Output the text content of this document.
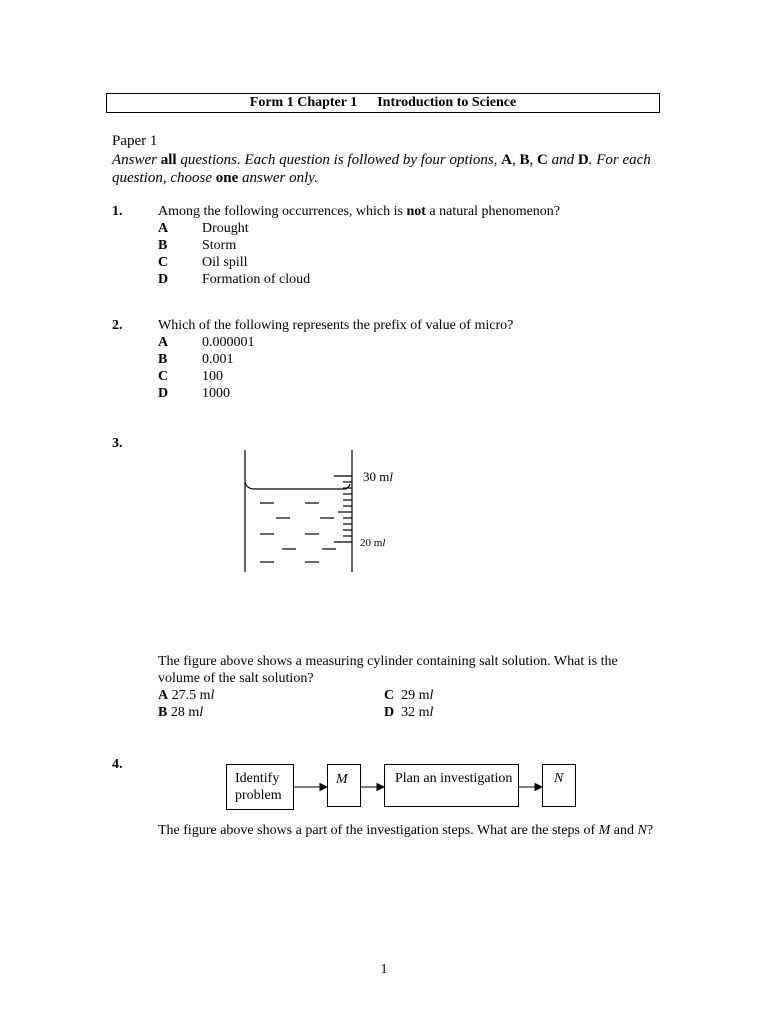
Form 1 Chapter 1 Introduction to Science
Paper 1
Answer all questions. Each question is followed by four options, A, B, C and D. For each question, choose one answer only.
1.	Among the following occurrences, which is not a natural phenomenon?
A Drought
B Storm
C Oil spill
D Formation of cloud
2.	Which of the following represents the prefix of value of micro?
A 0.000001
B 0.001
C 100
D 1000
3.
30 ml
20 ml
The figure above shows a measuring cylinder containing salt solution. What is the
volume of the salt solution?
A 27.5 ml
B 28 ml
C 29 ml
D 32 ml
4.
Identify
problem
M	Plan an investigation	N
The figure above shows a part of the investigation steps. What are the steps of M and N?
1
